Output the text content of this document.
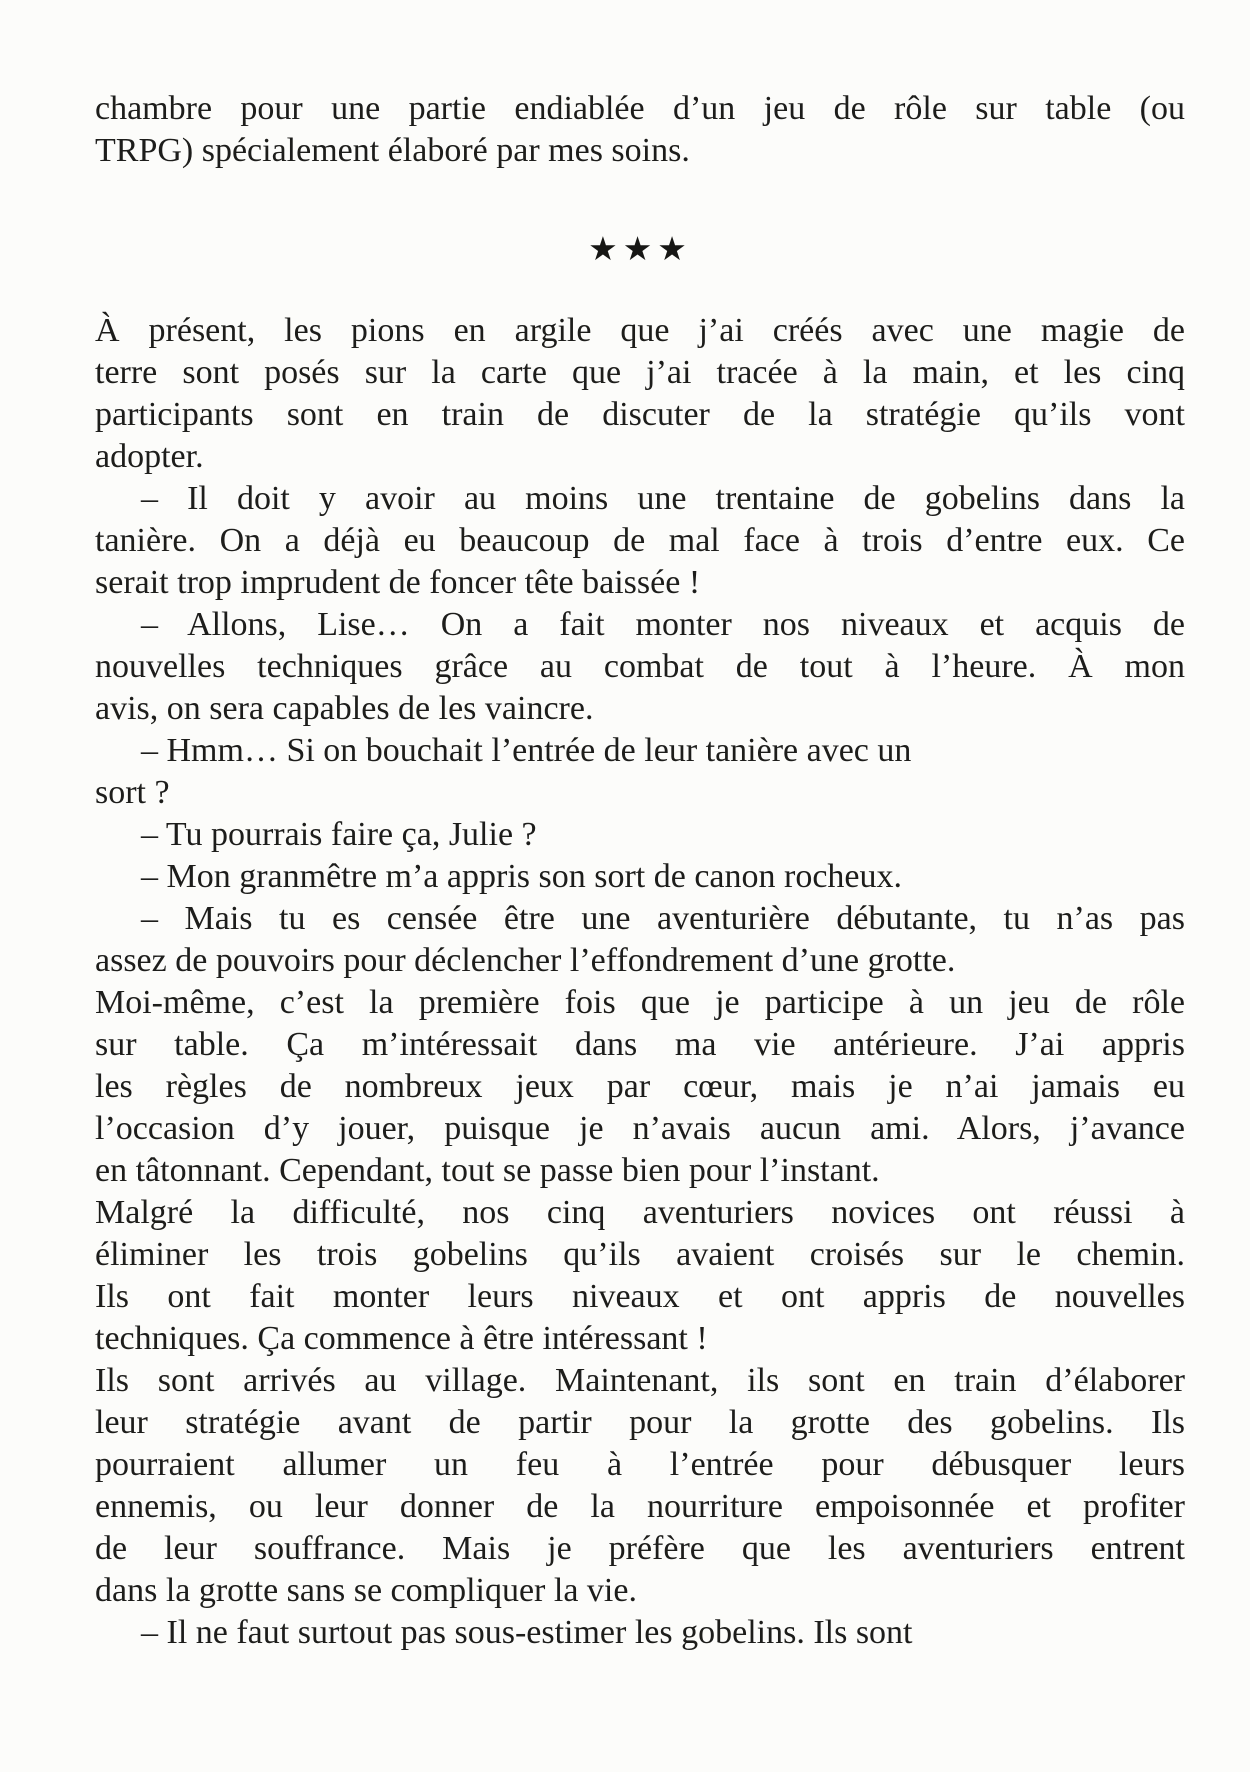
chambre pour une partie endiablée d’un jeu de rôle sur table (ou
TRPG) spécialement élaboré par mes soins.
★★★
À présent, les pions en argile que j’ai créés avec une magie de
terre sont posés sur la carte que j’ai tracée à la main, et les cinq
participants sont en train de discuter de la stratégie qu’ils vont
adopter.
– Il doit y avoir au moins une trentaine de gobelins dans la
tanière. On a déjà eu beaucoup de mal face à trois d’entre eux. Ce
serait trop imprudent de foncer tête baissée !
– Allons, Lise… On a fait monter nos niveaux et acquis de
nouvelles techniques grâce au combat de tout à l’heure. À mon
avis, on sera capables de les vaincre.
– Hmm… Si on bouchait l’entrée de leur tanière avec un
sort ?
– Tu pourrais faire ça, Julie ?
– Mon granmêtre m’a appris son sort de canon rocheux.
– Mais tu es censée être une aventurière débutante, tu n’as pas
assez de pouvoirs pour déclencher l’effondrement d’une grotte.
Moi-même, c’est la première fois que je participe à un jeu de rôle
sur table. Ça m’intéressait dans ma vie antérieure. J’ai appris
les règles de nombreux jeux par cœur, mais je n’ai jamais eu
l’occasion d’y jouer, puisque je n’avais aucun ami. Alors, j’avance
en tâtonnant. Cependant, tout se passe bien pour l’instant.
Malgré la difficulté, nos cinq aventuriers novices ont réussi à
éliminer les trois gobelins qu’ils avaient croisés sur le chemin.
Ils ont fait monter leurs niveaux et ont appris de nouvelles
techniques. Ça commence à être intéressant !
Ils sont arrivés au village. Maintenant, ils sont en train d’élaborer
leur stratégie avant de partir pour la grotte des gobelins. Ils
pourraient allumer un feu à l’entrée pour débusquer leurs
ennemis, ou leur donner de la nourriture empoisonnée et profiter
de leur souffrance. Mais je préfère que les aventuriers entrent
dans la grotte sans se compliquer la vie.
– Il ne faut surtout pas sous-estimer les gobelins. Ils sont
